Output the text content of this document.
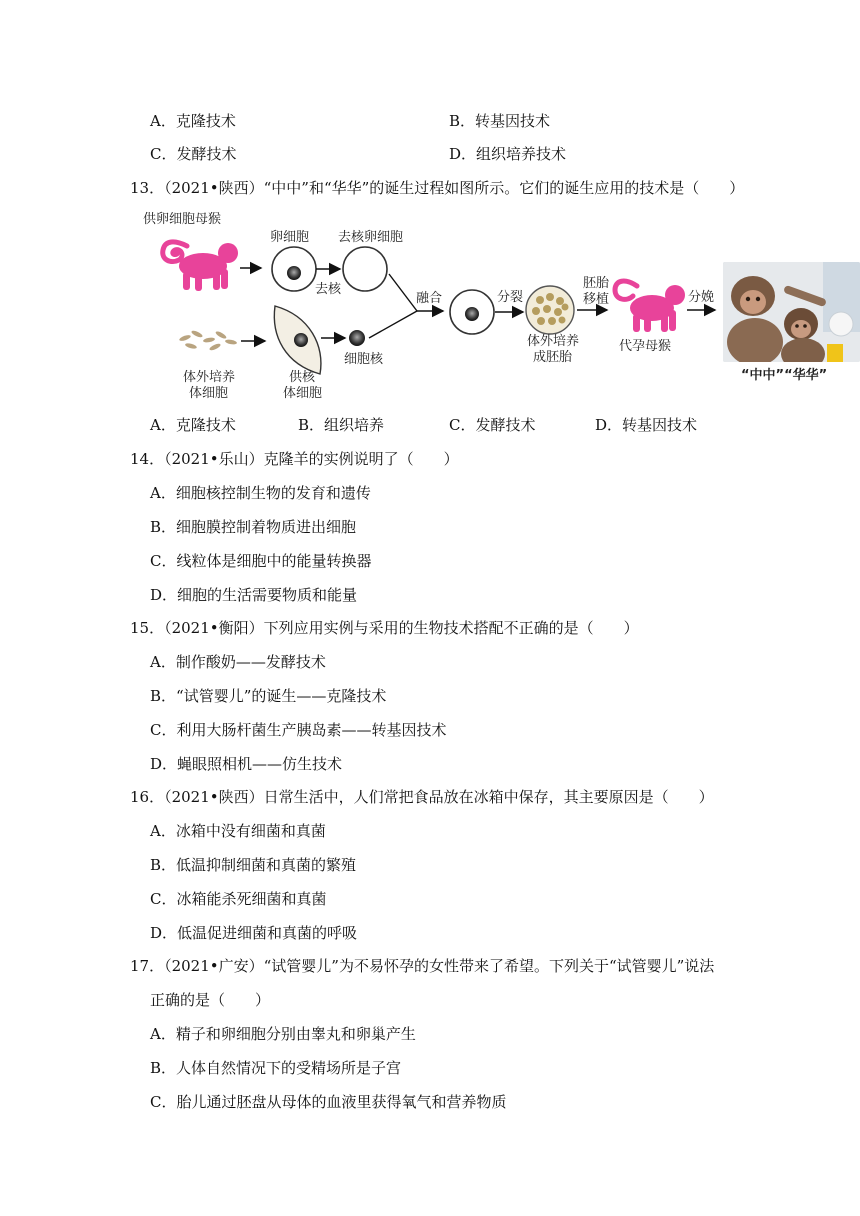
A．克隆技术	B．转基因技术
C．发酵技术	D．组织培养技术
13．（2021•陕西）“中中”和“华华”的诞生过程如图所示。它们的诞生应用的技术是（　　）
供卵细胞母猴
卵细胞 去核卵细胞
去核
融合	分裂
胚胎
移植	分娩
体外培养
体细胞
供核
体细胞
细胞核
体外培养
成胚胎
代孕母猴
“中中”“华华”
A．克隆技术	B．组织培养	C．发酵技术	D．转基因技术
14．（2021•乐山）克隆羊的实例说明了（　　）
A．细胞核控制生物的发育和遗传
B．细胞膜控制着物质进出细胞
C．线粒体是细胞中的能量转换器
D．细胞的生活需要物质和能量
15．（2021•衡阳）下列应用实例与采用的生物技术搭配不正确的是（　　）
A．制作酸奶——发酵技术
B．“试管婴儿”的诞生——克隆技术
C．利用大肠杆菌生产胰岛素——转基因技术
D．蝇眼照相机——仿生技术
16．（2021•陕西）日常生活中，人们常把食品放在冰箱中保存，其主要原因是（　　）
A．冰箱中没有细菌和真菌
B．低温抑制细菌和真菌的繁殖
C．冰箱能杀死细菌和真菌
D．低温促进细菌和真菌的呼吸
17．（2021•广安）“试管婴儿”为不易怀孕的女性带来了希望。下列关于“试管婴儿”说法
正确的是（　　）
A．精子和卵细胞分别由睾丸和卵巢产生
B．人体自然情况下的受精场所是子宫
C．胎儿通过胚盘从母体的血液里获得氧气和营养物质
